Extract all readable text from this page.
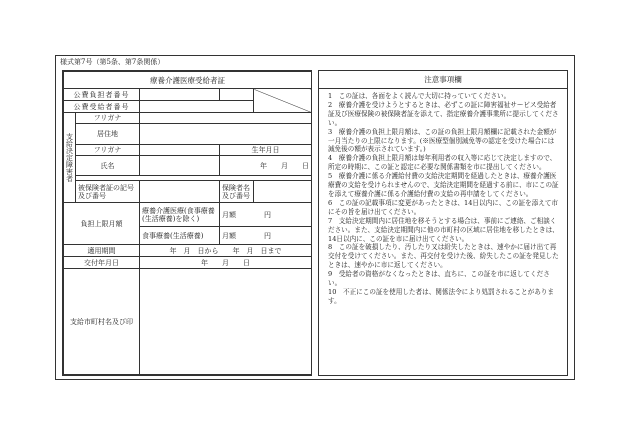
様式第7号（第5条、第7条関係）
療養介護医療受給者証				
公費負担者番号				
公費受給者番号				
支給決定障害者	フリガナ			
	居住地			
	フリガナ		生年月日	
	氏名		年　　月　　日	

	被保険者証の記号及び番号		保険者名及び番号	
負担上限月額		療養介護医療(食事療養(生活療養)を除く)	月額　　　　円	
		食事療養(生活療養)	月額　　　　円	
適用期間		年　月　日から　　年　月　日まで		
交付年月日		年　　月　　日		
支給市町村名及び印				
注意事項欄

1　この証は、各面をよく読んで大切に持っていてください。

2　療養介護を受けようとするときは、必ずこの証に障害福祉サービス受給者証及び医療保険の被保険者証を添えて、指定療養介護事業所に提示してください。

3　療養介護の負担上限月額は、この証の負担上限月額欄に記載された金額が一月当たりの上限になります。(※医療型個別減免等の認定を受けた場合には減免後の額が表示されています。)

4　療養介護の負担上限月額は毎年利用者の収入等に応じて決定しますので、所定の時期に、この証と認定に必要な関係書類を市に提出してください。

5　療養介護に係る介護給付費の支給決定期間を経過したときは、療養介護医療費の支給を受けられませんので、支給決定期間を経過する前に、市にこの証を添えて療養介護に係る介護給付費の支給の再申請をしてください。

6　この証の記載事項に変更があったときは、14日以内に、この証を添えて市にその旨を届け出てください。

7　支給決定期間内に居住地を移そうとする場合は、事前にご連絡、ご相談ください。また、支給決定期間内に他の市町村の区域に居住地を移したときは、14日以内に、この証を市に届け出てください。

8　この証を破損したり、汚したり又は紛失したときは、速やかに届け出て再交付を受けてください。また、再交付を受けた後、紛失したこの証を発見したときは、速やかに市に返してください。

9　受給者の資格がなくなったときは、直ちに、この証を市に返してください。

10　不正にこの証を使用した者は、関係法令により処罰されることがあります。
